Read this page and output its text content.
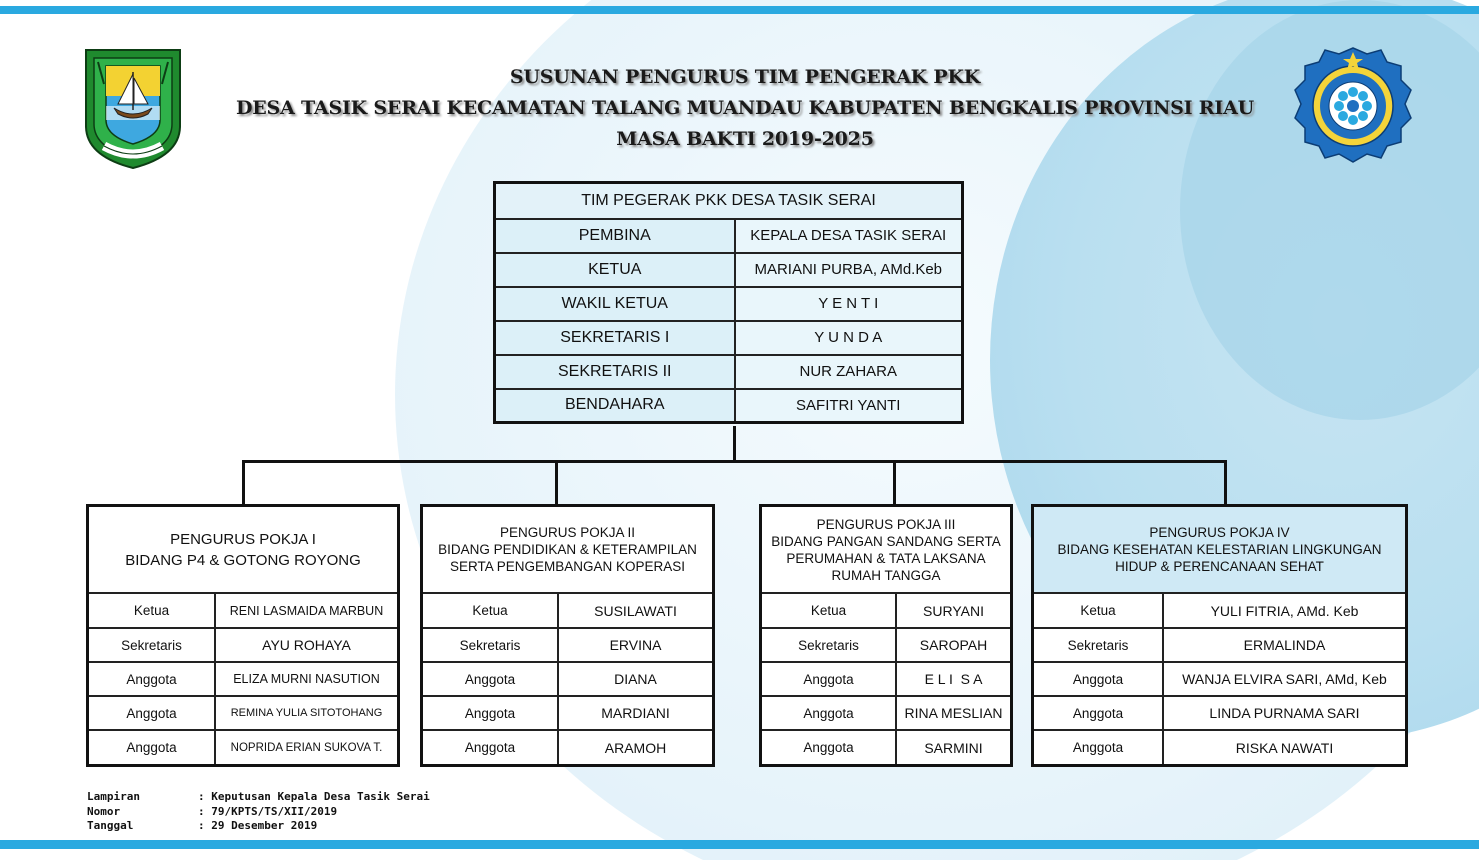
SUSUNAN PENGURUS TIM PENGERAK PKK
DESA TASIK SERAI KECAMATAN TALANG MUANDAU KABUPATEN BENGKALIS PROVINSI RIAU
MASA BAKTI 2019-2025
TIM PEGERAK PKK DESA TASIK SERAI	
PEMBINA	KEPALA DESA TASIK SERAI
KETUA	MARIANI PURBA, AMd.Keb
WAKIL KETUA	Y E N T I
SEKRETARIS I	Y U N D A
SEKRETARIS II	NUR ZAHARA
BENDAHARA	SAFITRI YANTI
PENGURUS POKJA I
BIDANG P4 & GOTONG ROYONG
Ketua	RENI LASMAIDA MARBUN
Sekretaris	AYU ROHAYA
Anggota	ELIZA MURNI NASUTION
Anggota	REMINA YULIA SITOTOHANG
Anggota	NOPRIDA ERIAN SUKOVA T.
PENGURUS POKJA II
BIDANG PENDIDIKAN & KETERAMPILAN
SERTA PENGEMBANGAN KOPERASI
Ketua	SUSILAWATI
Sekretaris	ERVINA
Anggota	DIANA
Anggota	MARDIANI
Anggota	ARAMOH
PENGURUS POKJA III
BIDANG PANGAN SANDANG SERTA
PERUMAHAN & TATA LAKSANA
RUMAH TANGGA
Ketua	SURYANI
Sekretaris	SAROPAH
Anggota	E L I  S A
Anggota	RINA MESLIAN
Anggota	SARMINI
PENGURUS POKJA IV
BIDANG KESEHATAN KELESTARIAN LINGKUNGAN
HIDUP & PERENCANAAN SEHAT
Ketua	YULI FITRIA, AMd. Keb
Sekretaris	ERMALINDA
Anggota	WANJA ELVIRA SARI, AMd, Keb
Anggota	LINDA PURNAMA SARI
Anggota	RISKA NAWATI
Lampiran	: Keputusan Kepala Desa Tasik Serai
Nomor	: 79/KPTS/TS/XII/2019
Tanggal	: 29 Desember 2019
